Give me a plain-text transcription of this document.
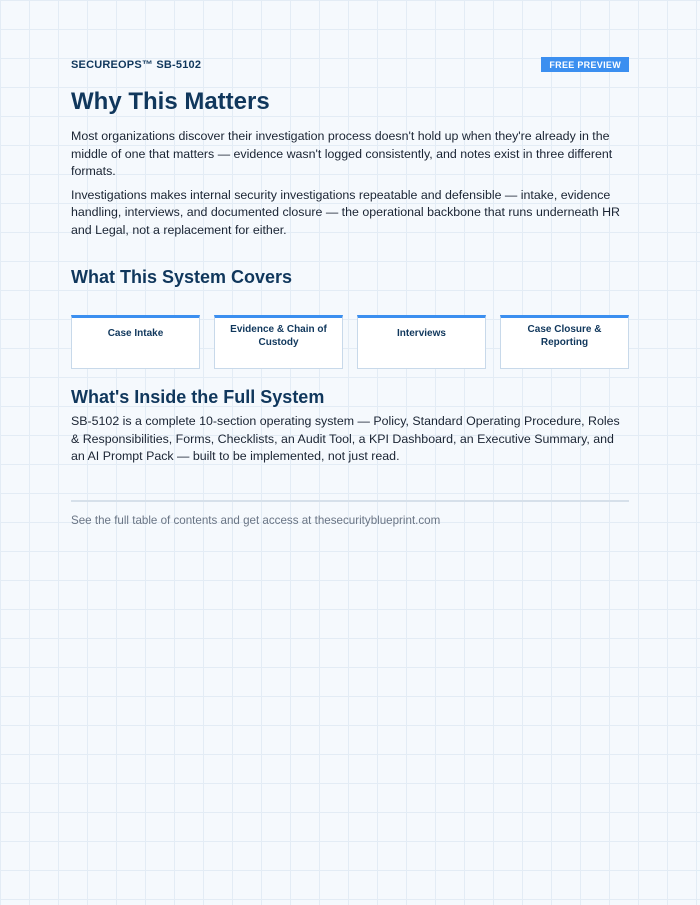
SECUREOPS™ SB-5102	FREE PREVIEW
Why This Matters

Most organizations discover their investigation process doesn't hold up when they're already in the middle of one that matters — evidence wasn't logged consistently, and notes exist in three different formats.

Investigations makes internal security investigations repeatable and defensible — intake, evidence handling, interviews, and documented closure — the operational backbone that runs underneath HR and Legal, not a replacement for either.

What This System Covers
Case Intake	Evidence & Chain of Custody
Interviews	Case Closure & Reporting
What's Inside the Full System

SB-5102 is a complete 10-section operating system — Policy, Standard Operating Procedure, Roles & Responsibilities, Forms, Checklists, an Audit Tool, a KPI Dashboard, an Executive Summary, and an AI Prompt Pack — built to be implemented, not just read.

See the full table of contents and get access at thesecurityblueprint.com
